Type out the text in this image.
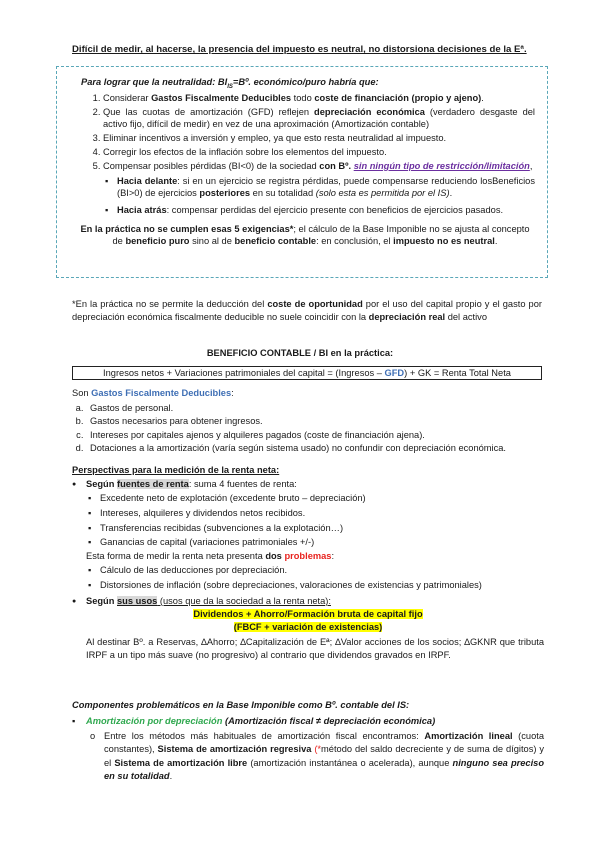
Difícil de medir, al hacerse, la presencia del impuesto es neutral, no distorsiona decisiones de la Eª.

Para lograr que la neutralidad: $BI_{IS}=Bº$. económico/puro habría que:

1. Considerar Gastos Fiscalmente Deducibles todo coste de financiación (propio y ajeno).
2. Que las cuotas de amortización (GFD) reflejen depreciación económica (verdadero desgaste del activo fijo, difícil de medir) en vez de una aproximación (Amortización contable)
3. Eliminar incentivos a inversión y empleo, ya que esto resta neutralidad al impuesto.
4. Corregir los efectos de la inflación sobre los elementos del impuesto.
5. Compensar posibles pérdidas (BI<0) de la sociedad con Bº. sin ningún tipo de restricción/limitación,
▪ Hacia delante: si en un ejercicio se registra pérdidas, puede compensarse reduciendo losBeneficios (BI>0) de ejercicios posteriores en su totalidad (solo esta es permitida por el IS).
▪ Hacia atrás: compensar perdidas del ejercicio presente con beneficios de ejercicios pasados.

En la práctica no se cumplen esas 5 exigencias*; el cálculo de la Base Imponible no se ajusta al concepto de beneficio puro sino al de beneficio contable: en conclusión, el impuesto no es neutral.

*En la práctica no se permite la deducción del coste de oportunidad por el uso del capital propio y el gasto por depreciación económica fiscalmente deducible no suele coincidir con la depreciación real del activo

BENEFICIO CONTABLE / BI en la práctica:

Ingresos netos + Variaciones patrimoniales del capital = (Ingresos – GFD) + GK = Renta Total Neta

Son Gastos Fiscalmente Deducibles:

a. Gastos de personal.
b. Gastos necesarios para obtener ingresos.
c. Intereses por capitales ajenos y alquileres pagados (coste de financiación ajena).
d. Dotaciones a la amortización (varía según sistema usado) no confundir con depreciación económica.

Perspectivas para la medición de la renta neta:

● Según fuentes de renta: suma 4 fuentes de renta:
▪ Excedente neto de explotación (excedente bruto – depreciación)
▪ Intereses, alquileres y dividendos netos recibidos.
▪ Transferencias recibidas (subvenciones a la explotación…)
▪ Ganancias de capital (variaciones patrimoniales +/-)

Esta forma de medir la renta neta presenta dos problemas:

▪ Cálculo de las deducciones por depreciación.
▪ Distorsiones de inflación (sobre depreciaciones, valoraciones de existencias y patrimoniales)
● Según sus usos (usos que da la sociedad a la renta neta):

Dividendos + Ahorro/Formación bruta de capital fijo

(FBCF + variación de existencias)

Al destinar Bº. a Reservas, ∆Ahorro; ∆Capitalización de Eª; ∆Valor acciones de los socios; ∆GKNR que tributa IRPF a un tipo más suave (no progresivo) al contrario que dividendos gravados en IRPF.

Componentes problemáticos en la Base Imponible como Bº. contable del IS:

▪ Amortización por depreciación (Amortización fiscal ≠ depreciación económica)
o Entre los métodos más habituales de amortización fiscal encontramos: Amortización lineal (cuota constantes), Sistema de amortización regresiva (*método del saldo decreciente y de suma de dígitos) y el Sistema de amortización libre (amortización instantánea o acelerada), aunque ninguno sea preciso en su totalidad.
